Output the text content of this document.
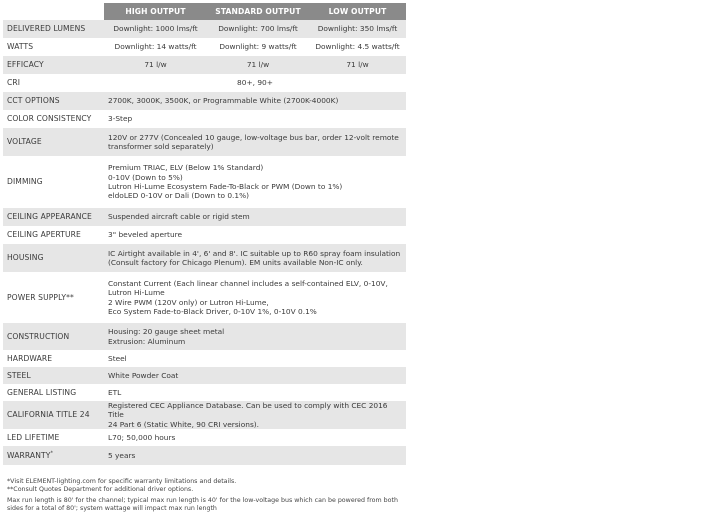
	HIGH OUTPUT	STANDARD OUTPUT	LOW OUTPUT
DELIVERED LUMENS	Downlight: 1000 lms/ft	Downlight: 700 lms/ft	Downlight: 350 lms/ft
WATTS	Downlight: 14 watts/ft	Downlight: 9 watts/ft	Downlight: 4.5 watts/ft
EFFICACY	71 l/w	71 l/w	71 l/w
CRI	80+, 90+		
CCT OPTIONS	2700K, 3000K, 3500K, or Programmable White (2700K-4000K)		
COLOR CONSISTENCY	3-Step		
VOLTAGE	120V or 277V (Concealed 10 gauge, low-voltage bus bar, order 12-volt remote
transformer sold separately)		

DIMMING	Premium TRIAC, ELV (Below 1% Standard)
0-10V (Down to 5%)
Lutron Hi-Lume Ecosystem Fade-To-Black or PWM (Down to 1%)
eldoLED 0-10V or Dali (Down to 0.1%)		

CEILING APPEARANCE	Suspended aircraft cable or rigid stem		
CEILING APERTURE	3" beveled aperture		
HOUSING	IC Airtight available in 4', 6' and 8'. IC suitable up to R60 spray foam insulation
(Consult factory for Chicago Plenum). EM units available Non-IC only.		

POWER SUPPLY**	Constant Current (Each linear channel includes a self-contained ELV, 0-10V,
Lutron Hi-Lume
2 Wire PWM (120V only) or Lutron Hi-Lume,
Eco System Fade-to-Black Driver, 0-10V 1%, 0-10V 0.1%		

CONSTRUCTION	Housing: 20 gauge sheet metal
Extrusion: Aluminum		

HARDWARE	Steel		
STEEL	White Powder Coat		
GENERAL LISTING	ETL		
CALIFORNIA TITLE 24	Registered CEC Appliance Database. Can be used to comply with CEC 2016 Title
24 Part 6 (Static White, 90 CRI versions).		

LED LIFETIME	L70; 50,000 hours		
WARRANTY*	5 years		
*Visit ELEMENT-lighting.com for specific warranty limitations and details.
**Consult Quotes Department for additional driver options.
Max run length is 80' for the channel; typical max run length is 40' for the low-voltage bus which can be powered from both sides for a total of 80'; system wattage will impact max run length
